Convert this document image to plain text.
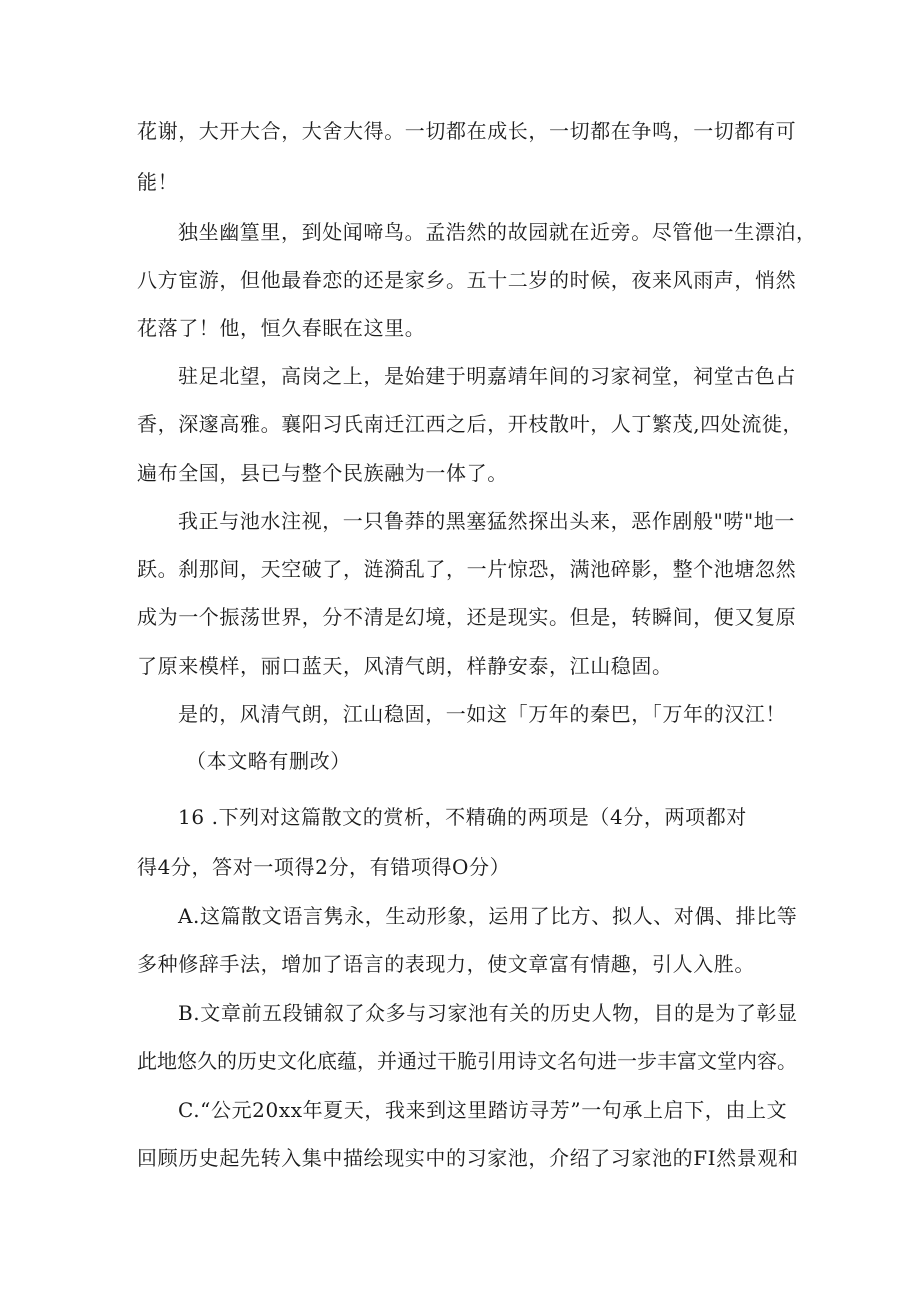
花谢，大开大合，大舍大得。一切都在成长，一切都在争鸣，一切都有可
能！
独坐幽篁里，到处闻啼鸟。孟浩然的故园就在近旁。尽管他一生漂泊，
八方宦游，但他最眷恋的还是家乡。五十二岁的时候，夜来风雨声，悄然
花落了！他，恒久春眠在这里。
驻足北望，高岗之上，是始建于明嘉靖年间的习家祠堂，祠堂古色占
香，深邃高雅。襄阳习氏南迁江西之后，开枝散叶，人丁繁茂,四处流徙，
遍布全国，县已与整个民族融为一体了。
我正与池水注视，一只鲁莽的黑塞猛然探出头来，恶作剧般"唠"地一
跃。刹那间，天空破了，涟漪乱了，一片惊恐，满池碎影，整个池塘忽然
成为一个振荡世界，分不清是幻境，还是现实。但是，转瞬间，便又复原
了原来模样，丽口蓝天，风清气朗，样静安泰，江山稳固。
是的，风清气朗，江山稳固，一如这「万年的秦巴，「万年的汉江！
（本文略有删改）
16 .下列对这篇散文的赏析，不精确的两项是（4分，两项都对
得4分，答对一项得2分，有错项得O分）
A.这篇散文语言隽永，生动形象，运用了比方、拟人、对偶、排比等
多种修辞手法，增加了语言的表现力，使文章富有情趣，引人入胜。
B.文章前五段铺叙了众多与习家池有关的历史人物，目的是为了彰显
此地悠久的历史文化底蕴，并通过干脆引用诗文名句进一步丰富文堂内容。
C.“公元20xx年夏天，我来到这里踏访寻芳”一句承上启下，由上文
回顾历史起先转入集中描绘现实中的习家池，介绍了习家池的FI然景观和
